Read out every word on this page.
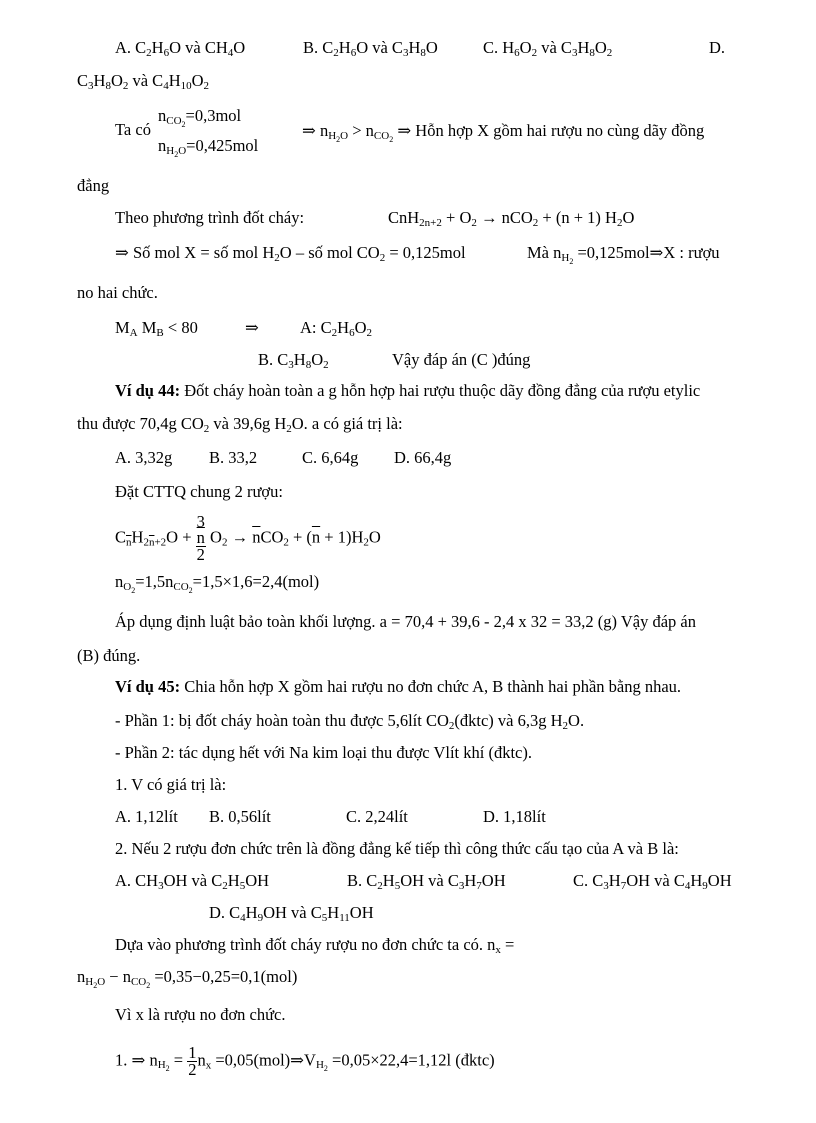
A. $C_2H_6O$ và $CH_4O$	B. $C_2H_6O$ và $C_3H_8O$	C. $H_6O_2$ và $C_3H_8O_2$	D.
$C_3H_8O_2$ và $C_4H_{10}O_2$
Ta có
$n_{CO_2}=0,3mol$
$n_{H_2O}=0,425mol$
⇒ $n_{H_2O} > n_{CO_2}$ ⇒ Hỗn hợp X gồm hai rượu no cùng dãy đồng
đẳng
Theo phương trình đốt cháy:	$CnH_{2n+2} + O_2 \to nCO_2 + (n + 1)$ $H_2O$
⇒ Số mol X = số mol $H_2O$ – số mol $CO_2 = 0,125mol$	Mà $n_{H_2}$ =0,125mol⇒X : rượu
no hai chức.
$M_A$ $M_B < 80$	⇒ A: $C_2H_6O_2$
B. $C_3H_8O_2$	Vậy đáp án (C )đúng
Ví dụ 44: Đốt cháy hoàn toàn a g hỗn hợp hai rượu thuộc dãy đồng đẳng của rượu etylic
thu được 70,4g $CO_2$ và 39,6g $H_2O$. a có giá trị là:
A. 3,32g B. 33,2	C. 6,64g D. 66,4g
Đặt CTTQ chung 2 rượu:
$C_{\overline{n}}H_{2\overline{n}+2}O + 3$
$\overline{n}$
2 $O_2 \to \overline{n}CO_2 + (\overline{n} + 1)H_2O$
$n_{O_2}=1,5n_{CO_2}=1,5\times 1,6=2,4(mol)$
Áp dụng định luật bảo toàn khối lượng. a = 70,4 + 39,6 - 2,4 x 32 = 33,2 (g) Vậy đáp án
(B) đúng.
Ví dụ 45: Chia hỗn hợp X gồm hai rượu no đơn chức A, B thành hai phần bằng nhau.
- Phần 1: bị đốt cháy hoàn toàn thu được 5,6lít $CO_2(đktc)$ và 6,3g $H_2O$.
- Phần 2: tác dụng hết với Na kim loại thu được Vlít khí (đktc).
1. V có giá trị là:
A. 1,12lít B. 0,56lít	C. 2,24lít	D. 1,18lít
2. Nếu 2 rượu đơn chức trên là đồng đẳng kế tiếp thì công thức cấu tạo của A và B là:
A. $CH_3OH$ và $C_2H_5OH$	B. $C_2H_5OH$ và $C_3H_7OH$	C. $C_3H_7OH$ và $C_4H_9OH$
D. $C_4H_9OH$ và $C_5H_{11}OH$
Dựa vào phương trình đốt cháy rượu no đơn chức ta có. $n_x$ =
$n_{H_2O} - n_{CO_2} =0,35-0,25=0,1(mol)$
Vì x là rượu no đơn chức.
1. ⇒ $n_{H_2} = \frac{1}{2} n_x$ $=0,05(mol)\Rightarrow V_{H_2} =0,05\times 22,4=1,12l$ (đktc)
